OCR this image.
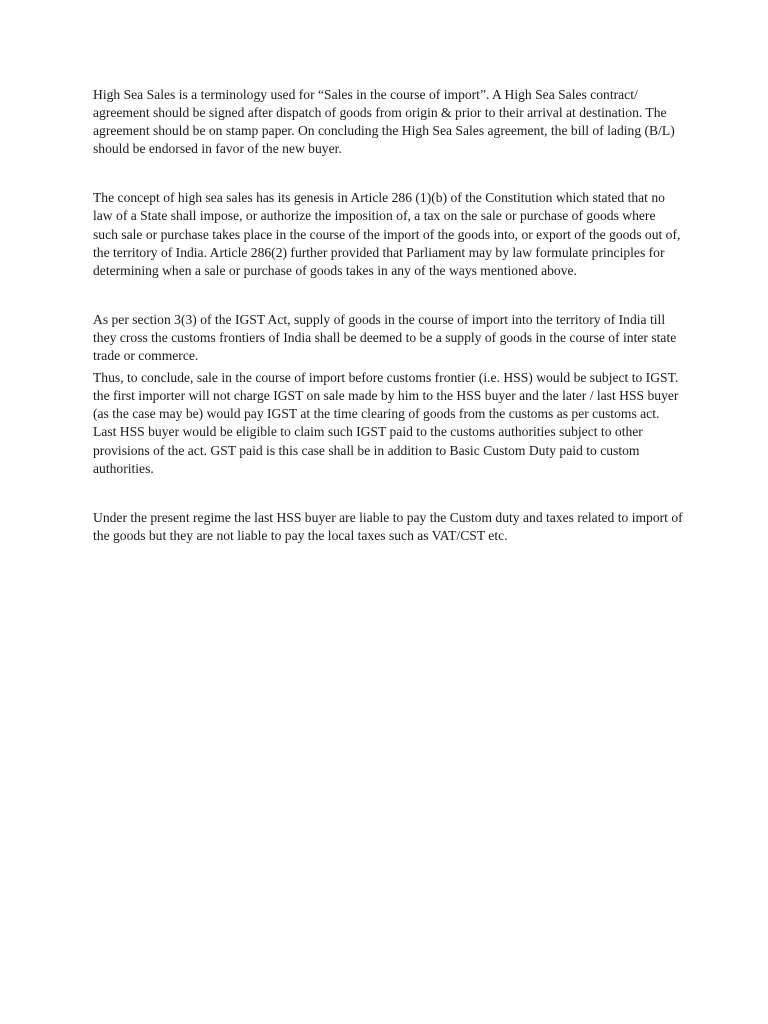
High Sea Sales is a terminology used for “Sales in the course of import”. A High Sea Sales contract/ agreement should be signed after dispatch of goods from origin & prior to their arrival at destination. The agreement should be on stamp paper. On concluding the High Sea Sales agreement, the bill of lading (B/L) should be endorsed in favor of the new buyer.

The concept of high sea sales has its genesis in Article 286 (1)(b) of the Constitution which stated that no law of a State shall impose, or authorize the imposition of, a tax on the sale or purchase of goods where such sale or purchase takes place in the course of the import of the goods into, or export of the goods out of, the territory of India. Article 286(2) further provided that Parliament may by law formulate principles for determining when a sale or purchase of goods takes in any of the ways mentioned above.

As per section 3(3) of the IGST Act, supply of goods in the course of import into the territory of India till they cross the customs frontiers of India shall be deemed to be a supply of goods in the course of inter state trade or commerce.

Thus, to conclude, sale in the course of import before customs frontier (i.e. HSS) would be subject to IGST. the first importer will not charge IGST on sale made by him to the HSS buyer and the later / last HSS buyer (as the case may be) would pay IGST at the time clearing of goods from the customs as per customs act. Last HSS buyer would be eligible to claim such IGST paid to the customs authorities subject to other provisions of the act. GST paid is this case shall be in addition to Basic Custom Duty paid to custom authorities.

Under the present regime the last HSS buyer are liable to pay the Custom duty and taxes related to import of the goods but they are not liable to pay the local taxes such as VAT/CST etc.
